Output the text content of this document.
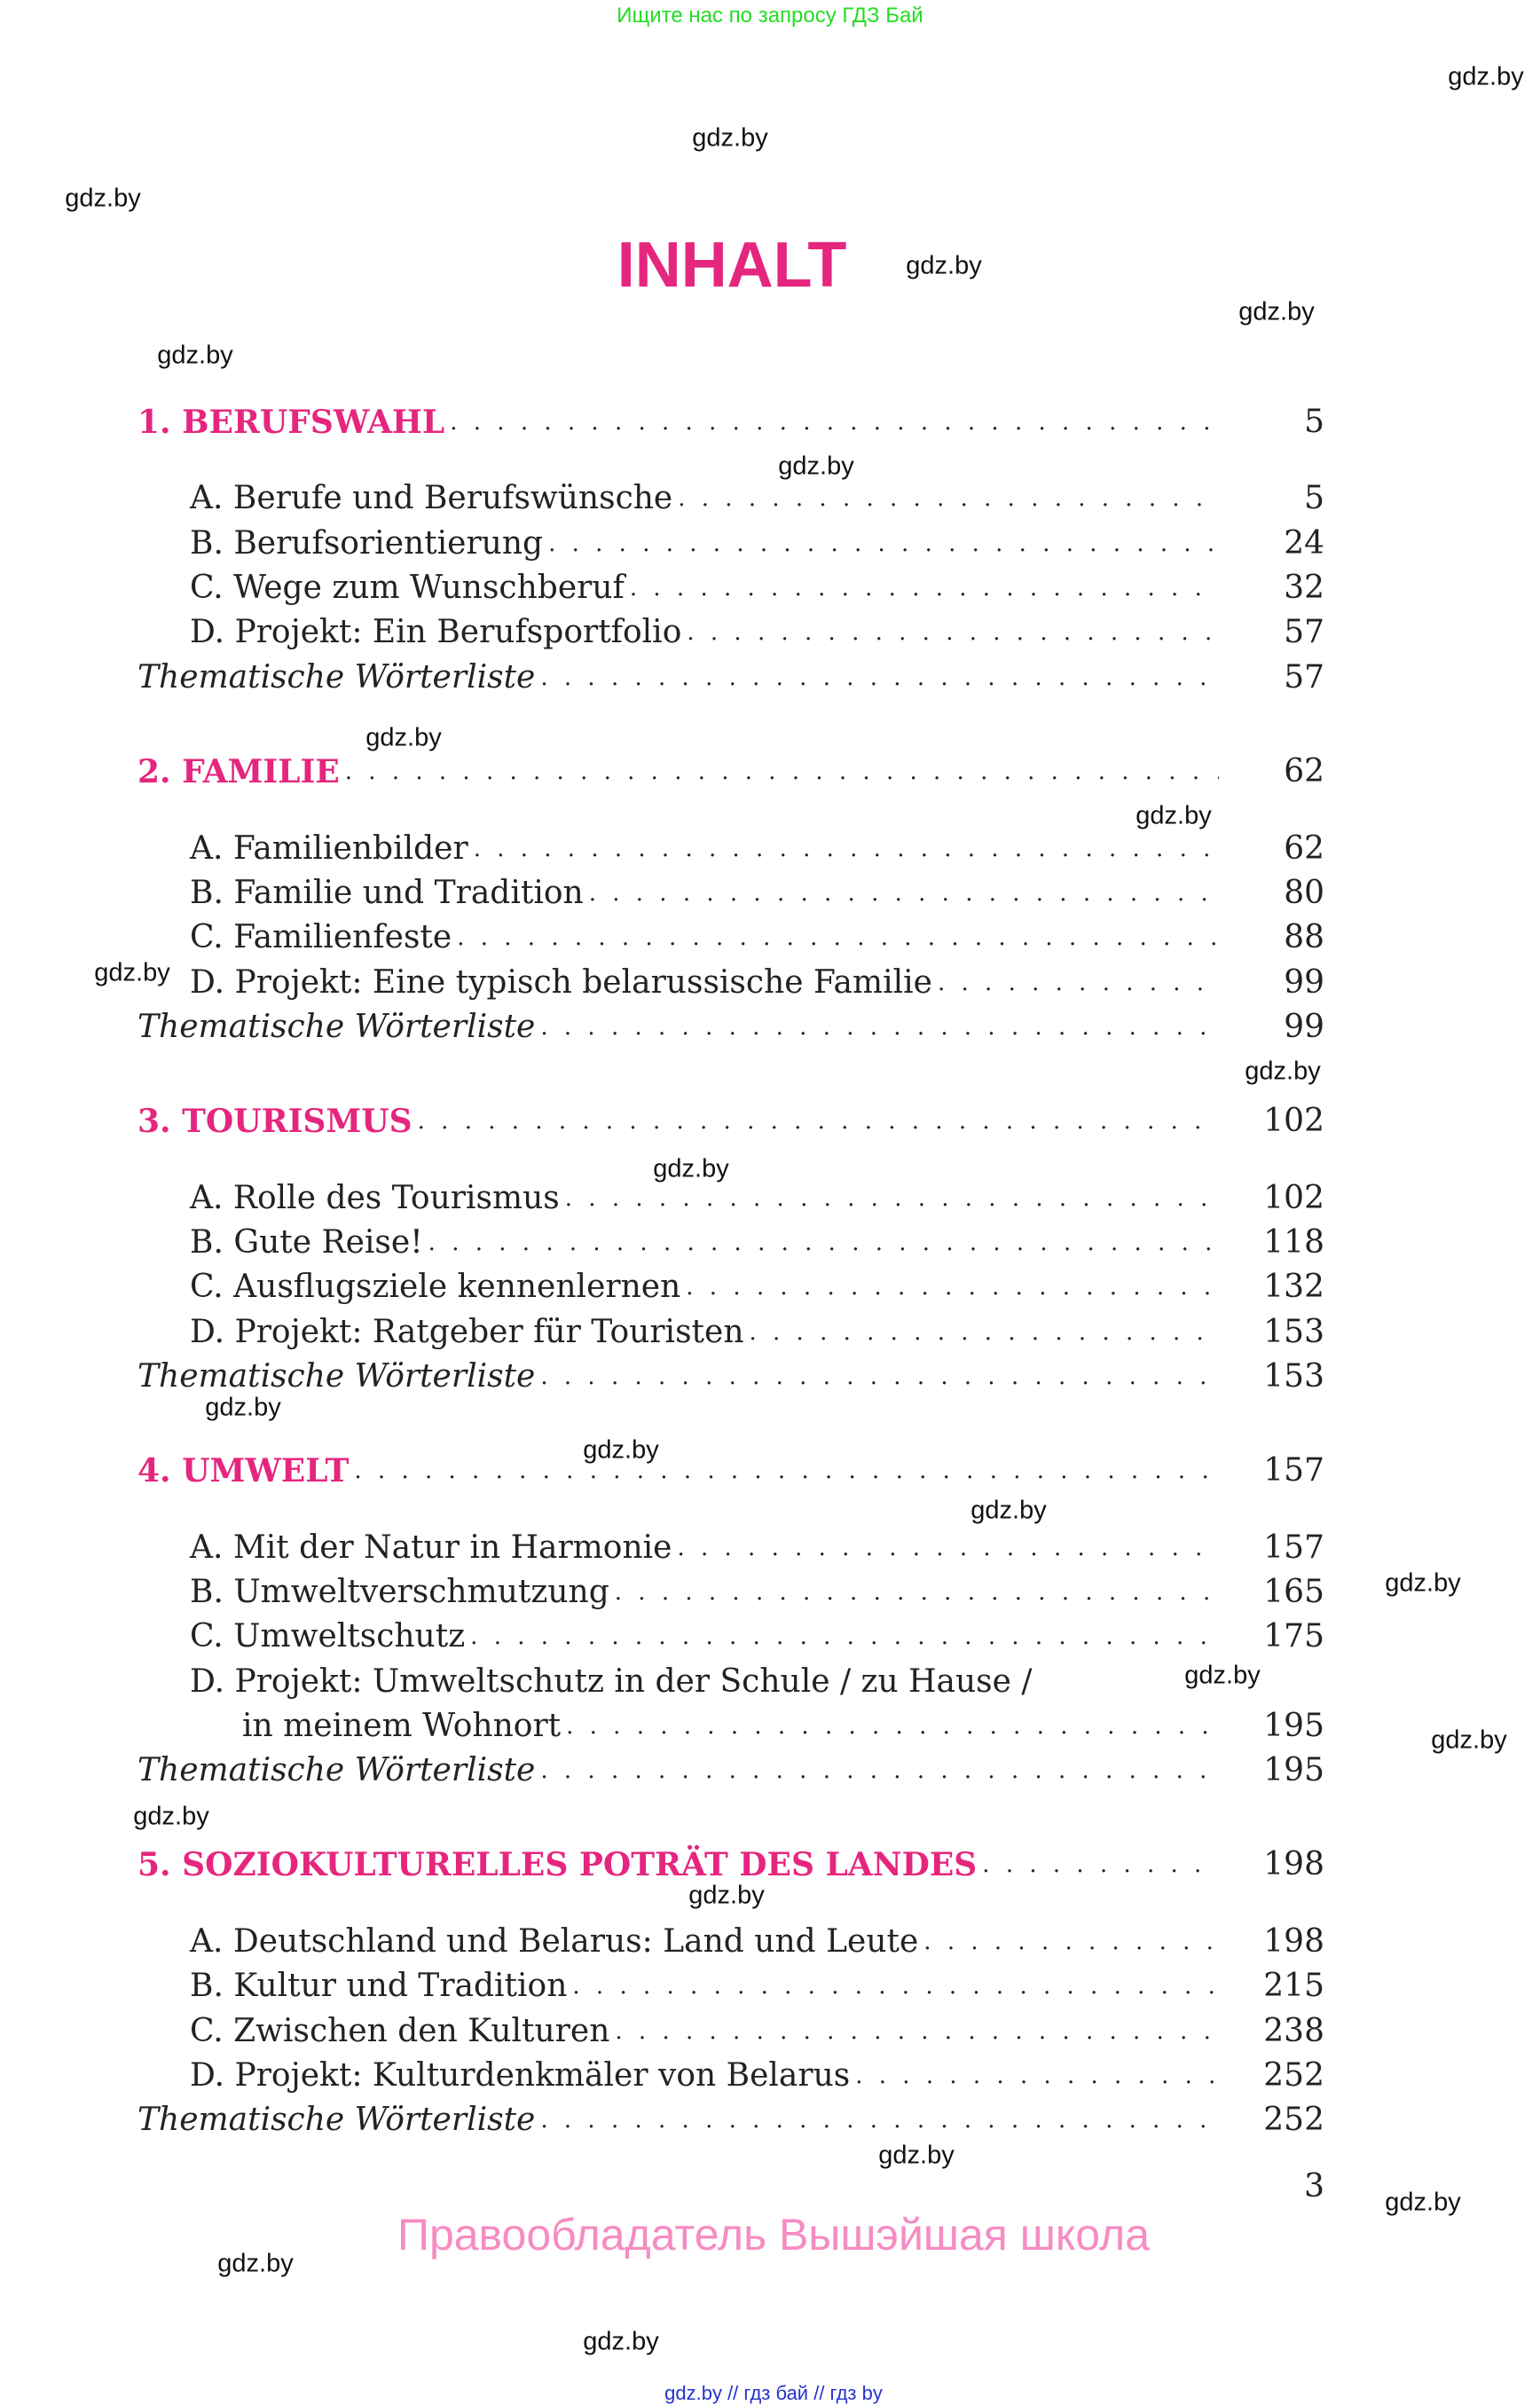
Ищите нас по запросу ГДЗ Бай
gdz.by
gdz.by
gdz.by
gdz.by
gdz.by
gdz.by
gdz.by
gdz.by
gdz.by
gdz.by
gdz.by
gdz.by
gdz.by
gdz.by
gdz.by
gdz.by
gdz.by
gdz.by
gdz.by
gdz.by
gdz.by
gdz.by
gdz.by
gdz.by
INHALT
1. BERUFSWAHL . . .	5
A. Berufe und Berufswünsche . . .	5
B. Berufsorientierung . . .	24
C. Wege zum Wunschberuf . . .	32
D. Projekt: Ein Berufsportfolio . . .	57
Thematische Wörterliste . . .	57
2. FAMILIE . . .	62
A. Familienbilder . . .	62
B. Familie und Tradition . . .	80
C. Familienfeste . . .	88
D. Projekt: Eine typisch belarussische Familie . . .	99
Thematische Wörterliste . . .	99
3. TOURISMUS . . .	102
A. Rolle des Tourismus . . .	102
B. Gute Reise! . . .	118
C. Ausflugsziele kennenlernen . . .	132
D. Projekt: Ratgeber für Touristen . . .	153
Thematische Wörterliste . . .	153
4. UMWELT . . .	157
A. Mit der Natur in Harmonie . . .	157
B. Umweltverschmutzung . . .	165
C. Umweltschutz . . .	175
D. Projekt: Umweltschutz in der Schule / zu Hause /
in meinem Wohnort . . .	195
Thematische Wörterliste . . .	195
5. SOZIOKULTURELLES POTRÄT DES LANDES . . .	198
A. Deutschland und Belarus: Land und Leute . . .	198
B. Kultur und Tradition . . .	215
C. Zwischen den Kulturen . . .	238
D. Projekt: Kulturdenkmäler von Belarus . . .	252
Thematische Wörterliste . . .	252
3
Правообладатель Вышэйшая школа
gdz.by // гдз бай // гдз by
